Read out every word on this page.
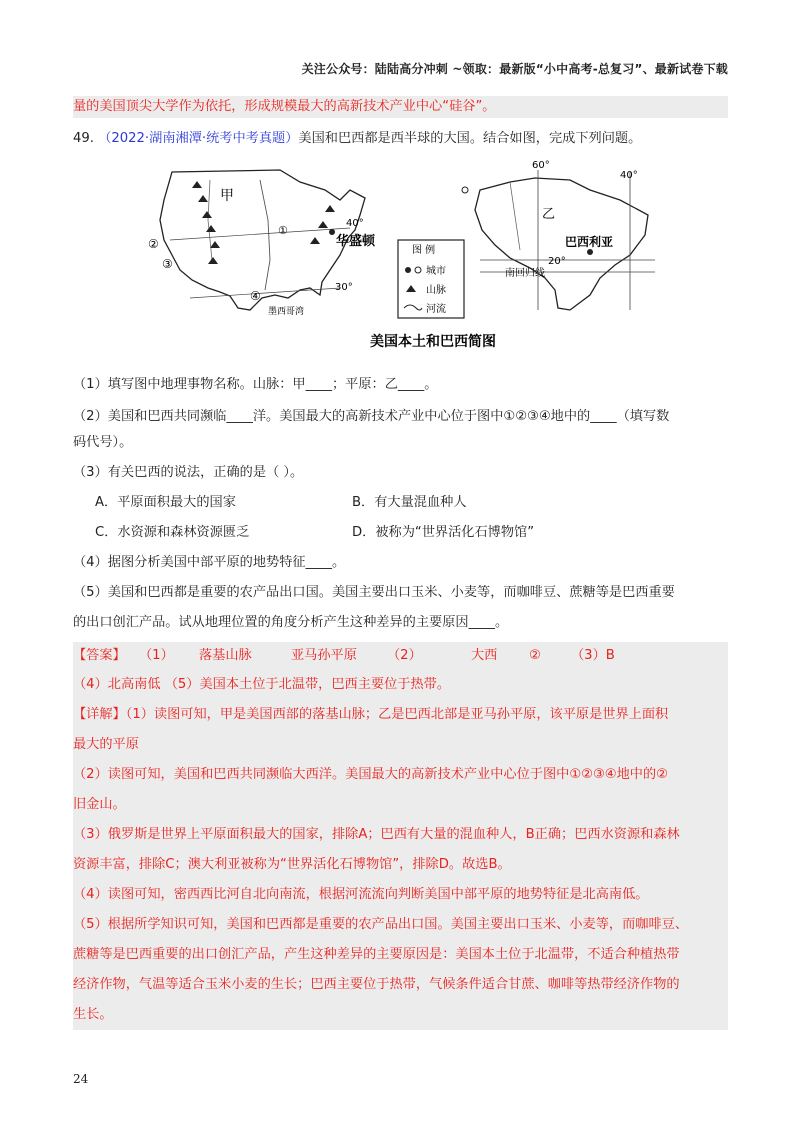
关注公众号：陆陆高分冲刺 ~领取：最新版“小中高考-总复习”、最新试卷下载
量的美国顶尖大学作为依托，形成规模最大的高新技术产业中心“硅谷”。
49. （2022·湖南湘潭·统考中考真题）美国和巴西都是西半球的大国。结合如图，完成下列问题。
甲
华盛顿
40°
30°
墨西哥湾
①
②
③
④
图 例
城市
山脉
河流
60°
40°
乙
巴西利亚
20°
南回归线
美国本土和巴西简图
（1）填写图中地理事物名称。山脉：甲____；平原：乙____。
（2）美国和巴西共同濒临____洋。美国最大的高新技术产业中心位于图中①②③④地中的____（填写数
码代号）。
（3）有关巴西的说法，正确的是（ ）。
A．平原面积最大的国家	B．有大量混血种人
C．水资源和森林资源匮乏	D．被称为“世界活化石博物馆”
（4）据图分析美国中部平原的地势特征____。
（5）美国和巴西都是重要的农产品出口国。美国主要出口玉米、小麦等，而咖啡豆、蔗糖等是巴西重要
的出口创汇产品。试从地理位置的角度分析产生这种差异的主要原因____。
【答案】 （1） 落基山脉	亚马孙平原 （2）	大西 ② （3）B
（4）北高南低 （5）美国本土位于北温带，巴西主要位于热带。
【详解】（1）读图可知，甲是美国西部的落基山脉；乙是巴西北部是亚马孙平原，该平原是世界上面积
最大的平原
（2）读图可知，美国和巴西共同濒临大西洋。美国最大的高新技术产业中心位于图中①②③④地中的②
旧金山。
（3）俄罗斯是世界上平原面积最大的国家，排除A；巴西有大量的混血种人，B正确；巴西水资源和森林
资源丰富，排除C；澳大利亚被称为“世界活化石博物馆”，排除D。故选B。
（4）读图可知，密西西比河自北向南流，根据河流流向判断美国中部平原的地势特征是北高南低。
（5）根据所学知识可知，美国和巴西都是重要的农产品出口国。美国主要出口玉米、小麦等，而咖啡豆、
蔗糖等是巴西重要的出口创汇产品，产生这种差异的主要原因是：美国本土位于北温带，不适合种植热带
经济作物，气温等适合玉米小麦的生长；巴西主要位于热带，气候条件适合甘蔗、咖啡等热带经济作物的
生长。
24
